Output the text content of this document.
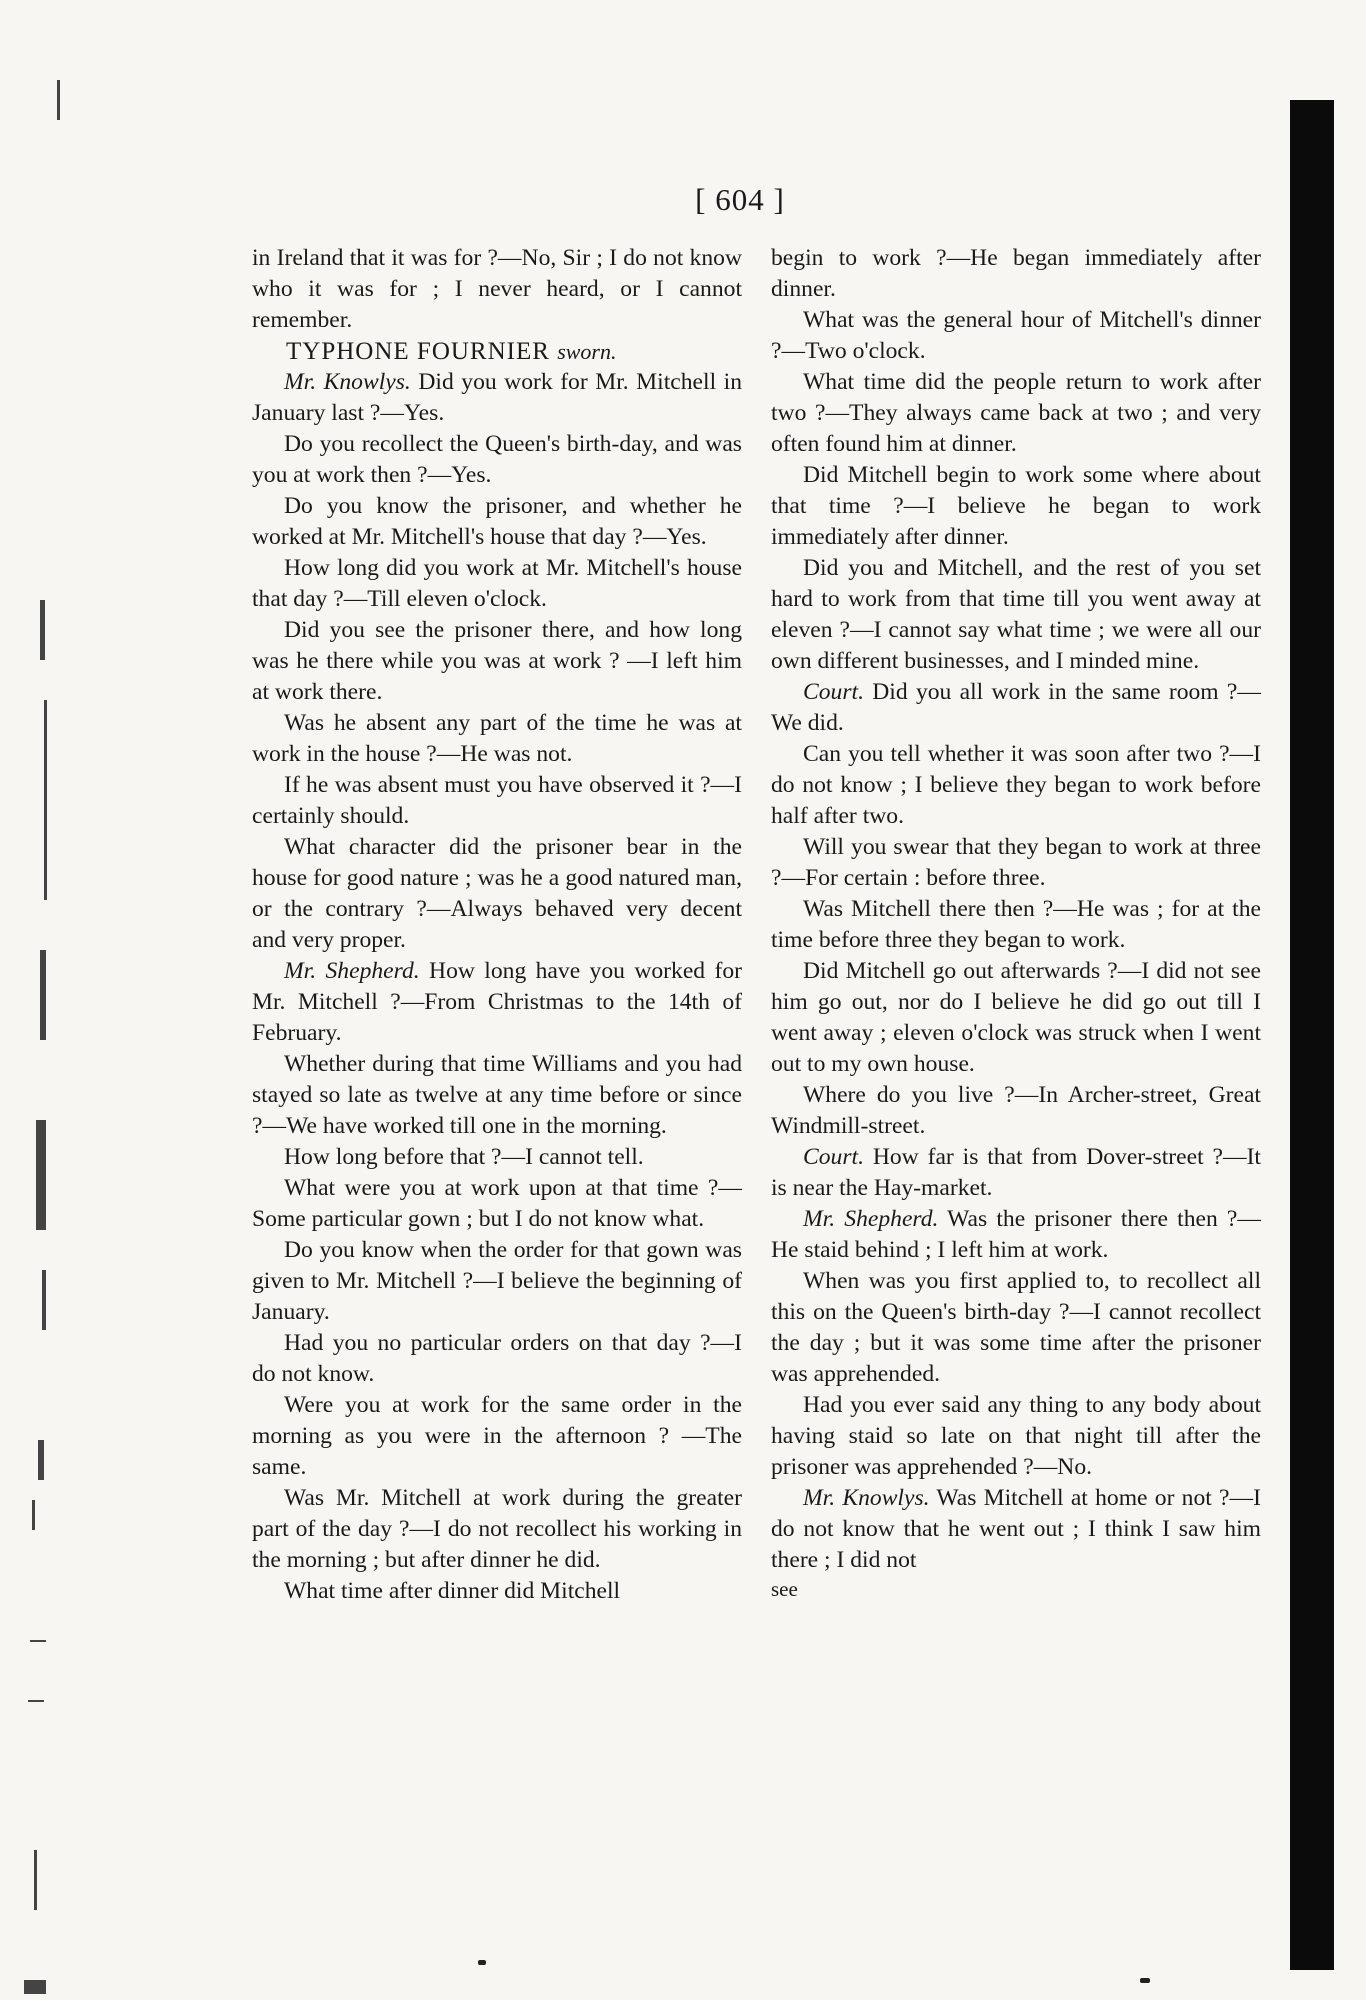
[ 604 ]

in Ireland that it was for ?—No, Sir ; I do not know who it was for ; I never heard, or I cannot remember.

TYPHONE FOURNIER sworn.

Mr. Knowlys. Did you work for Mr. Mitchell in January last ?—Yes.

Do you recollect the Queen's birth-day, and was you at work then ?—Yes.

Do you know the prisoner, and whether he worked at Mr. Mitchell's house that day ?—Yes.

How long did you work at Mr. Mitchell's house that day ?—Till eleven o'clock.

Did you see the prisoner there, and how long was he there while you was at work ? —I left him at work there.

Was he absent any part of the time he was at work in the house ?—He was not.

If he was absent must you have observed it ?—I certainly should.

What character did the prisoner bear in the house for good nature ; was he a good natured man, or the contrary ?—Always behaved very decent and very proper.

Mr. Shepherd. How long have you worked for Mr. Mitchell ?—From Christmas to the 14th of February.

Whether during that time Williams and you had stayed so late as twelve at any time before or since ?—We have worked till one in the morning.

How long before that ?—I cannot tell.

What were you at work upon at that time ?—Some particular gown ; but I do not know what.

Do you know when the order for that gown was given to Mr. Mitchell ?—I believe the beginning of January.

Had you no particular orders on that day ?—I do not know.

Were you at work for the same order in the morning as you were in the afternoon ? —The same.

Was Mr. Mitchell at work during the greater part of the day ?—I do not recollect his working in the morning ; but after dinner he did.

What time after dinner did Mitchell

begin to work ?—He began immediately after dinner.

What was the general hour of Mitchell's dinner ?—Two o'clock.

What time did the people return to work after two ?—They always came back at two ; and very often found him at dinner.

Did Mitchell begin to work some where about that time ?—I believe he began to work immediately after dinner.

Did you and Mitchell, and the rest of you set hard to work from that time till you went away at eleven ?—I cannot say what time ; we were all our own different businesses, and I minded mine.

Court. Did you all work in the same room ?—We did.

Can you tell whether it was soon after two ?—I do not know ; I believe they began to work before half after two.

Will you swear that they began to work at three ?—For certain : before three.

Was Mitchell there then ?—He was ; for at the time before three they began to work.

Did Mitchell go out afterwards ?—I did not see him go out, nor do I believe he did go out till I went away ; eleven o'clock was struck when I went out to my own house.

Where do you live ?—In Archer-street, Great Windmill-street.

Court. How far is that from Dover-street ?—It is near the Hay-market.

Mr. Shepherd. Was the prisoner there then ?—He staid behind ; I left him at work.

When was you first applied to, to recollect all this on the Queen's birth-day ?—I cannot recollect the day ; but it was some time after the prisoner was apprehended.

Had you ever said any thing to any body about having staid so late on that night till after the prisoner was apprehended ?—No.

Mr. Knowlys. Was Mitchell at home or not ?—I do not know that he went out ; I think I saw him there ; I did not

see
